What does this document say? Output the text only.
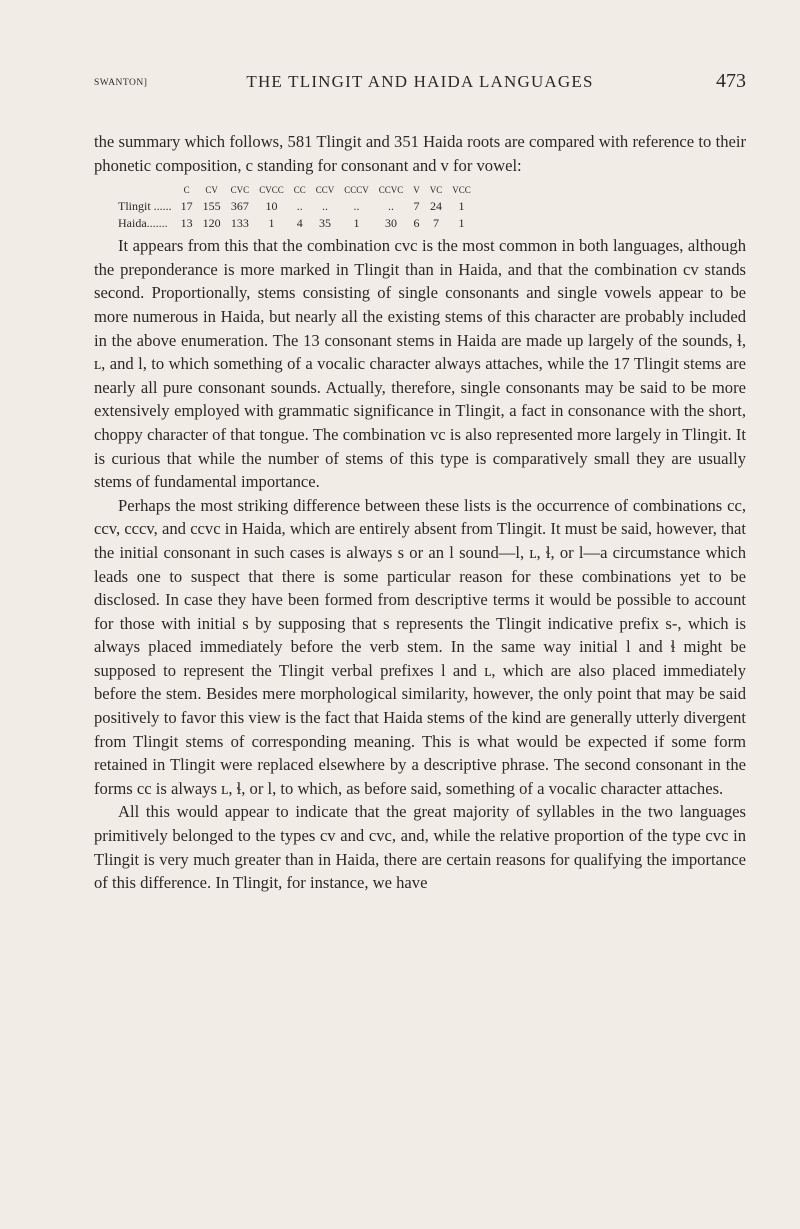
SWANTON]	THE TLINGIT AND HAIDA LANGUAGES	473

the summary which follows, 581 Tlingit and 351 Haida roots are compared with reference to their phonetic composition, c standing for consonant and v for vowel:

	c	cv	cvc	cvcc	cc	ccv	cccv	ccvc	v	vc	vcc
Tlingit ......	17	155	367	10	..	..	..	..	7	24	1
Haida.......	13	120	133	1	4	35	1	30	6	7	1

It appears from this that the combination cvc is the most common in both languages, although the preponderance is more marked in Tlingit than in Haida, and that the combination cv stands second. Proportionally, stems consisting of single consonants and single vowels appear to be more numerous in Haida, but nearly all the existing stems of this character are probably included in the above enumeration. The 13 consonant stems in Haida are made up largely of the sounds, ɬ, ʟ, and l, to which something of a vocalic character always attaches, while the 17 Tlingit stems are nearly all pure consonant sounds. Actually, therefore, single consonants may be said to be more extensively employed with grammatic significance in Tlingit, a fact in consonance with the short, choppy character of that tongue. The combination vc is also represented more largely in Tlingit. It is curious that while the number of stems of this type is comparatively small they are usually stems of fundamental importance.

Perhaps the most striking difference between these lists is the occurrence of combinations cc, ccv, cccv, and ccvc in Haida, which are entirely absent from Tlingit. It must be said, however, that the initial consonant in such cases is always s or an l sound—l, ʟ, ɬ, or l—a circumstance which leads one to suspect that there is some particular reason for these combinations yet to be disclosed. In case they have been formed from descriptive terms it would be possible to account for those with initial s by supposing that s represents the Tlingit indicative prefix s-, which is always placed immediately before the verb stem. In the same way initial l and ɬ might be supposed to represent the Tlingit verbal prefixes l and ʟ, which are also placed immediately before the stem. Besides mere morphological similarity, however, the only point that may be said positively to favor this view is the fact that Haida stems of the kind are generally utterly divergent from Tlingit stems of corresponding meaning. This is what would be expected if some form retained in Tlingit were replaced elsewhere by a descriptive phrase. The second consonant in the forms cc is always ʟ, ɬ, or l, to which, as before said, something of a vocalic character attaches.

All this would appear to indicate that the great majority of syllables in the two languages primitively belonged to the types cv and cvc, and, while the relative proportion of the type cvc in Tlingit is very much greater than in Haida, there are certain reasons for qualifying the importance of this difference. In Tlingit, for instance, we have
